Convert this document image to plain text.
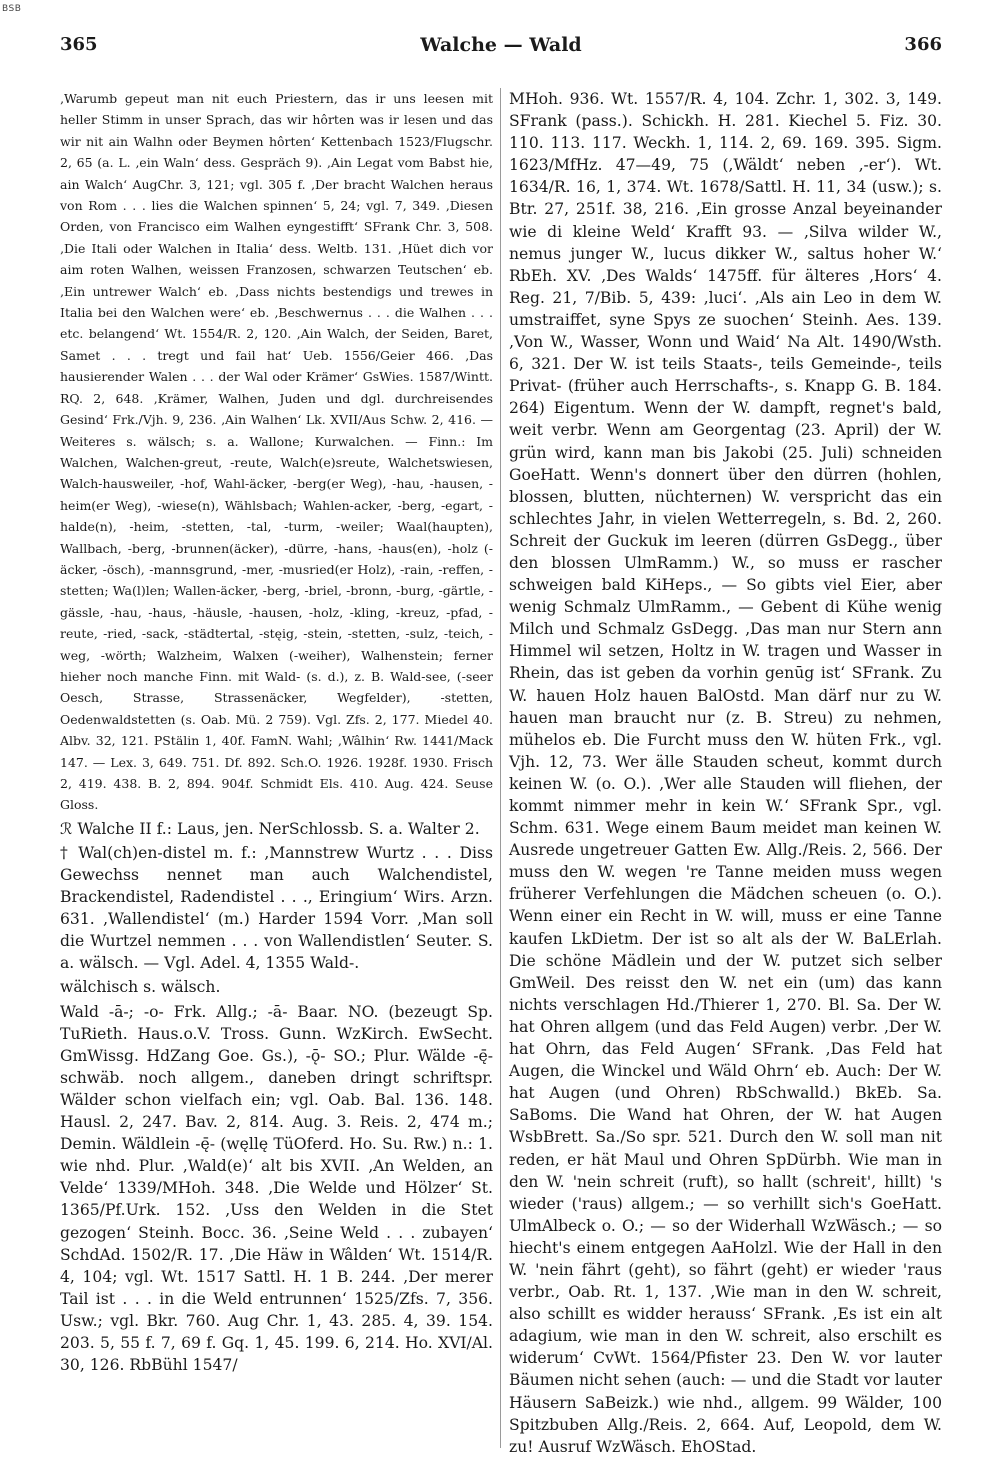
BSB
365	Walche — Wald	366

‚Warumb gepeut man nit euch Priestern, das ir uns leesen mit heller Stimm in unser Sprach, das wir hôrten was ir lesen und das wir nit ain Walhn oder Beymen hôrten‘ Kettenbach 1523/Flugschr. 2, 65 (a. L. ‚ein Waln‘ dess. Gespräch 9). ‚Ain Legat vom Babst hie, ain Walch‘ AugChr. 3, 121; vgl. 305 f. ‚Der bracht Walchen heraus von Rom . . . lies die Walchen spinnen‘ 5, 24; vgl. 7, 349. ‚Diesen Orden, von Francisco eim Walhen eyngestifft‘ SFrank Chr. 3, 508. ‚Die Itali oder Walchen in Italia‘ dess. Weltb. 131. ‚Hüet dich vor aim roten Walhen, weissen Franzosen, schwarzen Teutschen‘ eb. ‚Ein untrewer Walch‘ eb. ‚Dass nichts bestendigs und trewes in Italia bei den Walchen were‘ eb. ‚Beschwernus . . . die Walhen . . . etc. belangend‘ Wt. 1554/R. 2, 120. ‚Ain Walch, der Seiden, Baret, Samet . . . tregt und fail hat‘ Ueb. 1556/Geier 466. ‚Das hausierender Walen . . . der Wal oder Krämer‘ GsWies. 1587/Wintt. RQ. 2, 648. ‚Krämer, Walhen, Juden und dgl. durchreisendes Gesind‘ Frk./Vjh. 9, 236. ‚Ain Walhen‘ Lk. XVII/Aus Schw. 2, 416. — Weiteres s. wälsch; s. a. Wallone; Kurwalchen. — Finn.: Im Walchen, Walchen-greut, -reute, Walch(e)sreute, Walchetswiesen, Walch-hausweiler, -hof, Wahl-äcker, -berg(er Weg), -hau, -hausen, -heim(er Weg), -wiese(n), Wählsbach; Wahlen-acker, -berg, -egart, -halde(n), -heim, -stetten, -tal, -turm, -weiler; Waal(haupten), Wallbach, -berg, -brunnen(äcker), -dürre, -hans, -haus(en), -holz (-äcker, -ösch), -mannsgrund, -mer, -musried(er Holz), -rain, -reffen, -stetten; Wa(l)len; Wallen-äcker, -berg, -briel, -bronn, -burg, -gärtle, -gässle, -hau, -haus, -häusle, -hausen, -holz, -kling, -kreuz, -pfad, -reute, -ried, -sack, -städtertal, -stęig, -stein, -stetten, -sulz, -teich, -weg, -wörth; Walzheim, Walxen (-weiher), Walhenstein; ferner hieher noch manche Finn. mit Wald- (s. d.), z. B. Wald-see, (-seer Oesch, Strasse, Strassenäcker, Wegfelder), -stetten, Oedenwaldstetten (s. Oab. Mü. 2 759). Vgl. Zfs. 2, 177. Miedel 40. Albv. 32, 121. PStälin 1, 40f. FamN. Wahl; ‚Wâlhin‘ Rw. 1441/Mack 147. — Lex. 3, 649. 751. Df. 892. Sch.O. 1926. 1928f. 1930. Frisch 2, 419. 438. B. 2, 894. 904f. Schmidt Els. 410. Aug. 424. Seuse Gloss.

ℛ Walche II f.: Laus, jen. NerSchlossb. S. a. Walter 2.

† Wal(ch)en-distel m. f.: ‚Mannstrew Wurtz . . . Diss Gewechss nennet man auch Walchendistel, Brackendistel, Radendistel . . ., Eringium‘ Wirs. Arzn. 631. ‚Wallendistel‘ (m.) Harder 1594 Vorr. ‚Man soll die Wurtzel nemmen . . . von Wallendistlen‘ Seuter. S. a. wälsch. — Vgl. Adel. 4, 1355 Wald-.

wälchisch s. wälsch.

Wald -ā-; -o- Frk. Allg.; -ā- Baar. NO. (bezeugt Sp. TuRieth. Haus.o.V. Tross. Gunn. WzKirch. EwSecht. GmWissg. HdZang Goe. Gs.), -ǭ- SO.; Plur. Wälde -ę̄- schwäb. noch allgem., daneben dringt schriftspr. Wälder schon vielfach ein; vgl. Oab. Bal. 136. 148. Hausl. 2, 247. Bav. 2, 814. Aug. 3. Reis. 2, 474 m.; Demin. Wäldlein -ę̄- (węllę TüOferd. Ho. Su. Rw.) n.: 1. wie nhd. Plur. ‚Wald(e)‘ alt bis XVII. ‚An Welden, an Velde‘ 1339/MHoh. 348. ‚Die Welde und Hölzer‘ St. 1365/Pf.Urk. 152. ‚Uss den Welden in die Stet gezogen‘ Steinh. Bocc. 36. ‚Seine Weld . . . zubayen‘ SchdAd. 1502/R. 17. ‚Die Häw in Wâlden‘ Wt. 1514/R. 4, 104; vgl. Wt. 1517 Sattl. H. 1 B. 244. ‚Der merer Tail ist . . . in die Weld entrunnen‘ 1525/Zfs. 7, 356. Usw.; vgl. Bkr. 760. Aug Chr. 1, 43. 285. 4, 39. 154. 203. 5, 55 f. 7, 69 f. Gq. 1, 45. 199. 6, 214. Ho. XVI/Al. 30, 126. RbBühl 1547/

MHoh. 936. Wt. 1557/R. 4, 104. Zchr. 1, 302. 3, 149. SFrank (pass.). Schickh. H. 281. Kiechel 5. Fiz. 30. 110. 113. 117. Weckh. 1, 114. 2, 69. 169. 395. Sigm. 1623/MfHz. 47—49, 75 (‚Wäldt‘ neben ‚-er‘). Wt. 1634/R. 16, 1, 374. Wt. 1678/Sattl. H. 11, 34 (usw.); s. Btr. 27, 251f. 38, 216. ‚Ein grosse Anzal beyeinander wie di kleine Weld‘ Krafft 93. — ‚Silva wilder W., nemus junger W., lucus dikker W., saltus hoher W.‘ RbEh. XV. ‚Des Walds‘ 1475ff. für älteres ‚Hors‘ 4. Reg. 21, 7/Bib. 5, 439: ‚luci‘. ‚Als ain Leo in dem W. umstraiffet, syne Spys ze suochen‘ Steinh. Aes. 139. ‚Von W., Wasser, Wonn und Waid‘ Na Alt. 1490/Wsth. 6, 321. Der W. ist teils Staats-, teils Gemeinde-, teils Privat- (früher auch Herrschafts-, s. Knapp G. B. 184. 264) Eigentum. Wenn der W. dampft, regnet's bald, weit verbr. Wenn am Georgentag (23. April) der W. grün wird, kann man bis Jakobi (25. Juli) schneiden GoeHatt. Wenn's donnert über den dürren (hohlen, blossen, blutten, nüchternen) W. verspricht das ein schlechtes Jahr, in vielen Wetterregeln, s. Bd. 2, 260. Schreit der Guckuk im leeren (dürren GsDegg., über den blossen UlmRamm.) W., so muss er rascher schweigen bald KiHeps., — So gibts viel Eier, aber wenig Schmalz UlmRamm., — Gebent di Kühe wenig Milch und Schmalz GsDegg. ‚Das man nur Stern ann Himmel wil setzen, Holtz in W. tragen und Wasser in Rhein, das ist geben da vorhin genūg ist‘ SFrank. Zu W. hauen Holz hauen BalOstd. Man därf nur zu W. hauen man braucht nur (z. B. Streu) zu nehmen, mühelos eb. Die Furcht muss den W. hüten Frk., vgl. Vjh. 12, 73. Wer älle Stauden scheut, kommt durch keinen W. (o. O.). ‚Wer alle Stauden will fliehen, der kommt nimmer mehr in kein W.‘ SFrank Spr., vgl. Schm. 631. Wege einem Baum meidet man keinen W. Ausrede ungetreuer Gatten Ew. Allg./Reis. 2, 566. Der muss den W. wegen 're Tanne meiden muss wegen früherer Verfehlungen die Mädchen scheuen (o. O.). Wenn einer ein Recht in W. will, muss er eine Tanne kaufen LkDietm. Der ist so alt als der W. BaLErlah. Die schöne Mädlein und der W. putzet sich selber GmWeil. Des reisst den W. net ein (um) das kann nichts verschlagen Hd./Thierer 1, 270. Bl. Sa. Der W. hat Ohren allgem (und das Feld Augen) verbr. ‚Der W. hat Ohrn, das Feld Augen‘ SFrank. ‚Das Feld hat Augen, die Winckel und Wäld Ohrn‘ eb. Auch: Der W. hat Augen (und Ohren) RbSchwalld.) BkEb. Sa. SaBoms. Die Wand hat Ohren, der W. hat Augen WsbBrett. Sa./So spr. 521. Durch den W. soll man nit reden, er hät Maul und Ohren SpDürbh. Wie man in den W. 'nein schreit (ruft), so hallt (schreit', hillt) 's wieder ('raus) allgem.; — so verhillt sich's GoeHatt. UlmAlbeck o. O.; — so der Widerhall WzWäsch.; — so hiecht's einem entgegen AaHolzl. Wie der Hall in den W. 'nein fährt (geht), so fährt (geht) er wieder 'raus verbr., Oab. Rt. 1, 137. ‚Wie man in den W. schreit, also schillt es widder herauss‘ SFrank. ‚Es ist ein alt adagium, wie man in den W. schreit, also erschilt es widerum‘ CvWt. 1564/Pfister 23. Den W. vor lauter Bäumen nicht sehen (auch: — und die Stadt vor lauter Häusern SaBeizk.) wie nhd., allgem. 99 Wälder, 100 Spitzbuben Allg./Reis. 2, 664. Auf, Leopold, dem W. zu! Ausruf WzWäsch. EhOStad.
